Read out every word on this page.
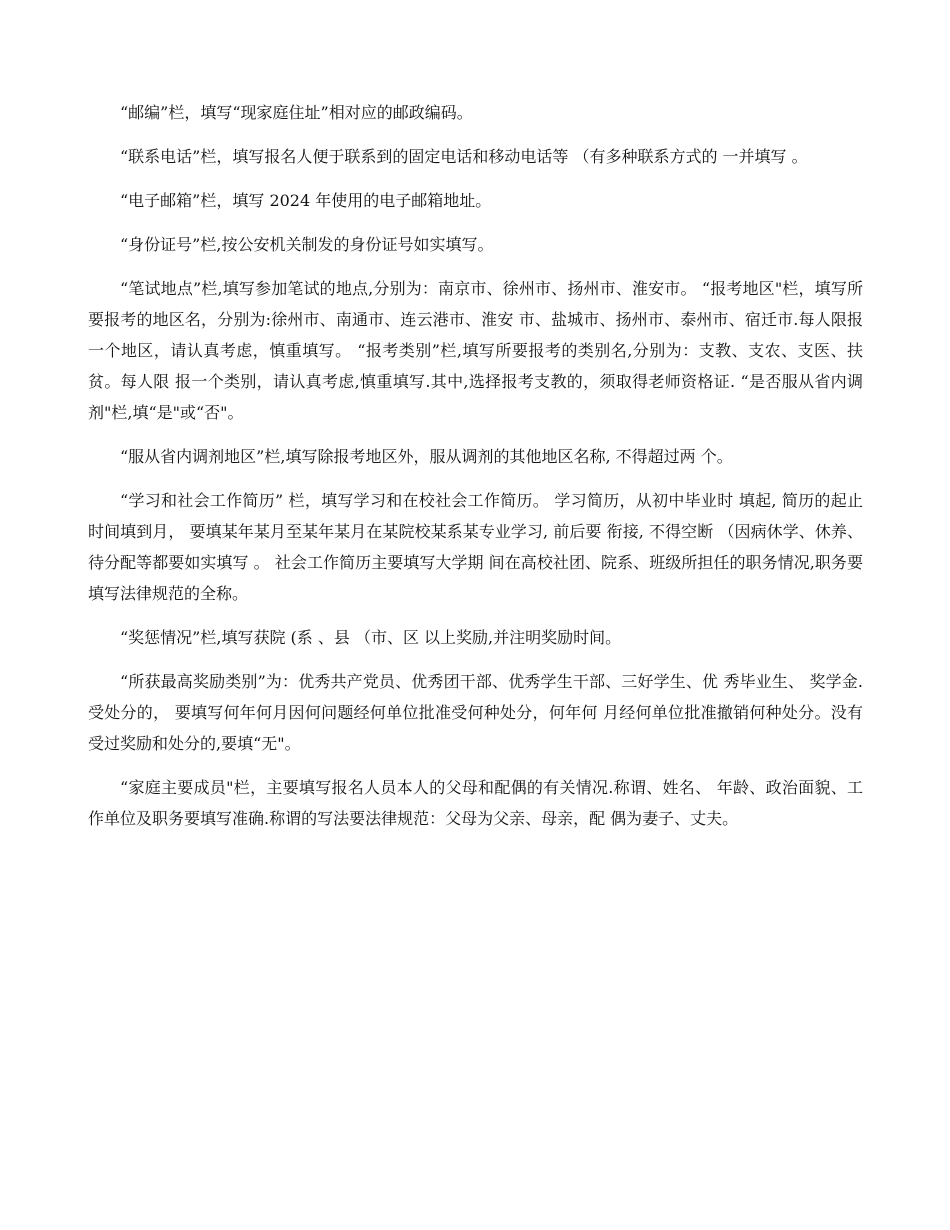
“邮编”栏，填写“现家庭住址”相对应的邮政编码。

“联系电话”栏，填写报名人便于联系到的固定电话和移动电话等 （有多种联系方式的 一并填写 。

“电子邮箱”栏，填写 2024 年使用的电子邮箱地址。

“身份证号”栏,按公安机关制发的身份证号如实填写。

“笔试地点”栏,填写参加笔试的地点,分别为：南京市、徐州市、扬州市、淮安市。 “报考地区"栏，填写所要报考的地区名，分别为:徐州市、南通市、连云港市、淮安 市、盐城市、扬州市、泰州市、宿迁市.每人限报一个地区，请认真考虑，慎重填写。 “报考类别”栏,填写所要报考的类别名,分别为：支教、支农、支医、扶贫。每人限 报一个类别，请认真考虑,慎重填写.其中,选择报考支教的，须取得老师资格证. “是否服从省内调剂"栏,填“是"或“否"。

“服从省内调剂地区”栏,填写除报考地区外，服从调剂的其他地区名称, 不得超过两 个。

“学习和社会工作简历” 栏，填写学习和在校社会工作简历。 学习简历，从初中毕业时 填起, 简历的起止时间填到月， 要填某年某月至某年某月在某院校某系某专业学习, 前后要 衔接, 不得空断 （因病休学、休养、待分配等都要如实填写 。 社会工作简历主要填写大学期 间在高校社团、院系、班级所担任的职务情况,职务要填写法律规范的全称。

“奖惩情况”栏,填写获院 (系 、县 （市、区 以上奖励,并注明奖励时间。

“所获最高奖励类别”为：优秀共产党员、优秀团干部、优秀学生干部、三好学生、优 秀毕业生、 奖学金. 受处分的， 要填写何年何月因何问题经何单位批准受何种处分，何年何 月经何单位批准撤销何种处分。没有受过奖励和处分的,要填“无"。

“家庭主要成员"栏，主要填写报名人员本人的父母和配偶的有关情况.称谓、姓名、 年龄、政治面貌、工作单位及职务要填写准确.称谓的写法要法律规范：父母为父亲、母亲，配 偶为妻子、丈夫。
